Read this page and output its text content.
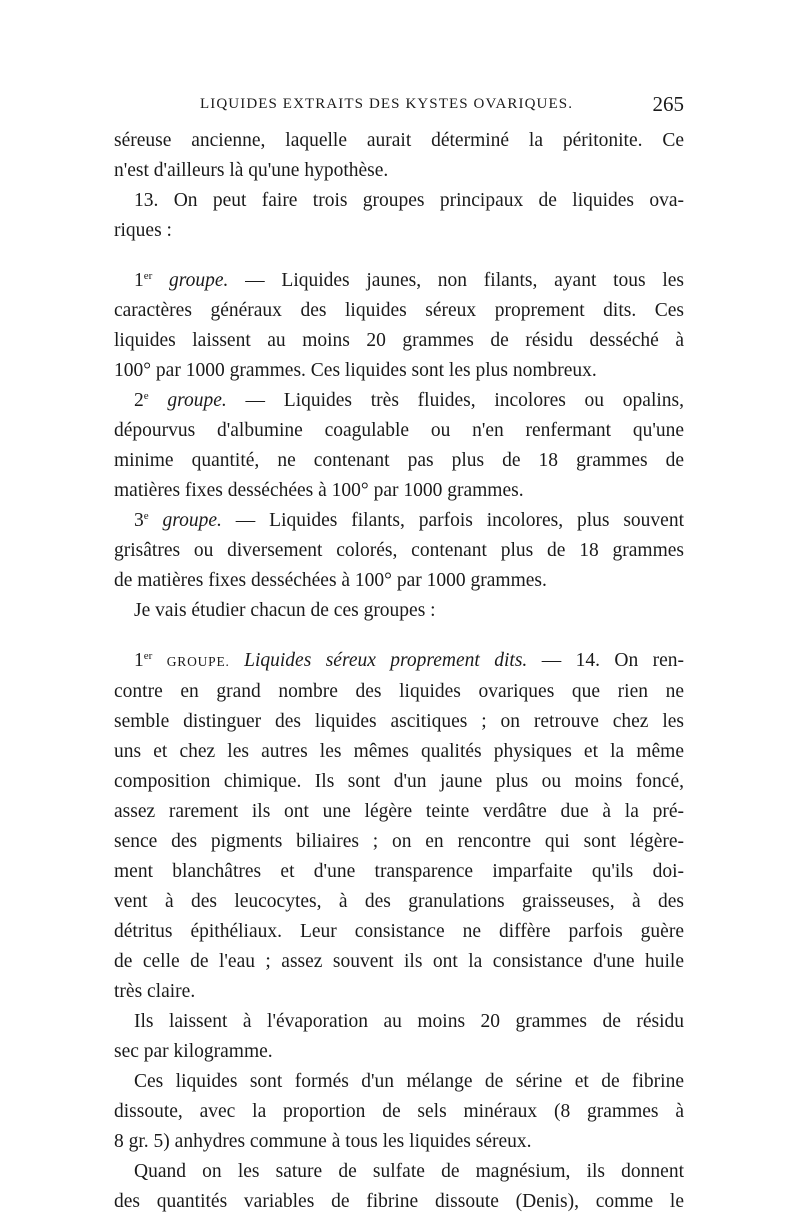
LIQUIDES EXTRAITS DES KYSTES OVARIQUES.	265

séreuse ancienne, laquelle aurait déterminé la péritonite. Ce

n'est d'ailleurs là qu'une hypothèse.

13. On peut faire trois groupes principaux de liquides ova-

riques :

1er groupe. — Liquides jaunes, non filants, ayant tous les

caractères généraux des liquides séreux proprement dits. Ces

liquides laissent au moins 20 grammes de résidu desséché à

100° par 1000 grammes. Ces liquides sont les plus nombreux.

2e groupe. — Liquides très fluides, incolores ou opalins,

dépourvus d'albumine coagulable ou n'en renfermant qu'une

minime quantité, ne contenant pas plus de 18 grammes de

matières fixes desséchées à 100° par 1000 grammes.

3e groupe. — Liquides filants, parfois incolores, plus souvent

grisâtres ou diversement colorés, contenant plus de 18 grammes

de matières fixes desséchées à 100° par 1000 grammes.

Je vais étudier chacun de ces groupes :

1er GROUPE. Liquides séreux proprement dits. — 14. On ren-

contre en grand nombre des liquides ovariques que rien ne

semble distinguer des liquides ascitiques ; on retrouve chez les

uns et chez les autres les mêmes qualités physiques et la même

composition chimique. Ils sont d'un jaune plus ou moins foncé,

assez rarement ils ont une légère teinte verdâtre due à la pré-

sence des pigments biliaires ; on en rencontre qui sont légère-

ment blanchâtres et d'une transparence imparfaite qu'ils doi-

vent à des leucocytes, à des granulations graisseuses, à des

détritus épithéliaux. Leur consistance ne diffère parfois guère

de celle de l'eau ; assez souvent ils ont la consistance d'une huile

très claire.

Ils laissent à l'évaporation au moins 20 grammes de résidu

sec par kilogramme.

Ces liquides sont formés d'un mélange de sérine et de fibrine

dissoute, avec la proportion de sels minéraux (8 grammes à

8 gr. 5) anhydres commune à tous les liquides séreux.

Quand on les sature de sulfate de magnésium, ils donnent

des quantités variables de fibrine dissoute (Denis), comme le
